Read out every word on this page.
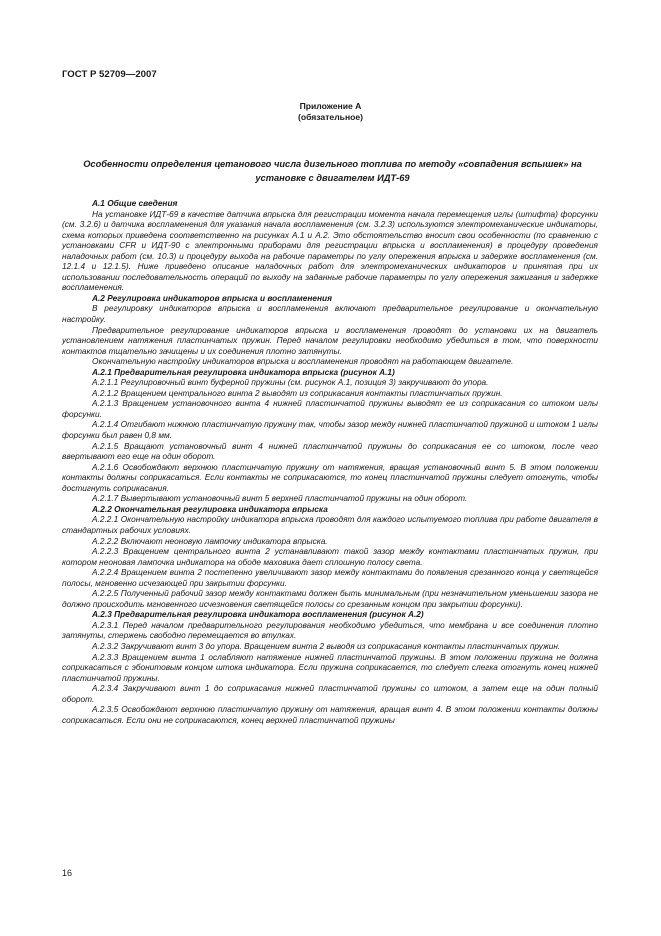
ГОСТ Р 52709—2007

Приложение А
(обязательное)

Особенности определения цетанового числа дизельного топлива по методу «совпадения вспышек» на установке с двигателем ИДТ-69

А.1 Общие сведения

На установке ИДТ-69 в качестве датчика впрыска для регистрации момента начала перемещения иглы (штифта) форсунки (см. 3.2.6) и датчика воспламенения для указания начала воспламенения (см. 3.2.3) используются электромеханические индикаторы, схема которых приведена соответственно на рисунках А.1 и А.2. Это обстоятельство вносит свои особенности (по сравнению с установками CFR и ИДТ-90 с электронными приборами для регистрации впрыска и воспламенения) в процедуру проведения наладочных работ (см. 10.3) и процедуру выхода на рабочие параметры по углу опережения впрыска и задержке воспламенения (см. 12.1.4 и 12.1.5). Ниже приведено описание наладочных работ для электромеханических индикаторов и принятая при их использовании последовательность операций по выходу на заданные рабочие параметры по углу опережения зажигания и задержке воспламенения.

А.2 Регулировка индикаторов впрыска и воспламенения

В регулировку индикаторов впрыска и воспламенения включают предварительное регулирование и окончательную настройку.

Предварительное регулирование индикаторов впрыска и воспламенения проводят до установки их на двигатель установлением натяжения пластинчатых пружин. Перед началом регулировки необходимо убедиться в том, что поверхности контактов тщательно зачищены и их соединения плотно затянуты.

Окончательную настройку индикаторов впрыска и воспламенения проводят на работающем двигателе.

А.2.1 Предварительная регулировка индикатора впрыска (рисунок А.1)

А.2.1.1 Регулировочный винт буферной пружины (см. рисунок А.1, позиция 3) закручивают до упора.

А.2.1.2 Вращением центрального винта 2 выводят из соприкасания контакты пластинчатых пружин.

А.2.1.3 Вращением установочного винта 4 нижней пластинчатой пружины выводят ее из соприкасания со штоком иглы форсунки.

А.2.1.4 Отгибают нижнюю пластинчатую пружину так, чтобы зазор между нижней пластинчатой пружиной и штоком 1 иглы форсунки был равен 0,8 мм.

А.2.1.5 Вращают установочный винт 4 нижней пластинчатой пружины до соприкасания ее со штоком, после чего ввертывают его еще на один оборот.

А.2.1.6 Освобождают верхнюю пластинчатую пружину от натяжения, вращая установочный винт 5. В этом положении контакты должны соприкасаться. Если контакты не соприкасаются, то конец пластинчатой пружины следует отогнуть, чтобы достигнуть соприкасания.

А.2.1.7 Вывертывают установочный винт 5 верхней пластинчатой пружины на один оборот.

А.2.2 Окончательная регулировка индикатора впрыска

А.2.2.1 Окончательную настройку индикатора впрыска проводят для каждого испытуемого топлива при работе двигателя в стандартных рабочих условиях.

А.2.2.2 Включают неоновую лампочку индикатора впрыска.

А.2.2.3 Вращением центрального винта 2 устанавливают такой зазор между контактами пластинчатых пружин, при котором неоновая лампочка индикатора на ободе маховика дает сплошную полосу света.

А.2.2.4 Вращением винта 2 постепенно увеличивают зазор между контактами до появления срезанного конца у светящейся полосы, мгновенно исчезающей при закрытии форсунки.

А.2.2.5 Полученный рабочий зазор между контактами должен быть минимальным (при незначительном уменьшении зазора не должно происходить мгновенного исчезновения светящейся полосы со срезанным концом при закрытии форсунки).

А.2.3 Предварительная регулировка индикатора воспламенения (рисунок А.2)

А.2.3.1 Перед началом предварительного регулирования необходимо убедиться, что мембрана и все соединения плотно затянуты, стержень свободно перемещается во втулках.

А.2.3.2 Закручивают винт 3 до упора. Вращением винта 2 выводя из соприкасания контакты пластинчатых пружин.

А.2.3.3 Вращением винта 1 ослабляют натяжение нижней пластинчатой пружины. В этом положении пружина не должна соприкасаться с эбонитовым концом штока индикатора. Если пружина соприкасается, то следует слегка отогнуть конец нижней пластинчатой пружины.

А.2.3.4 Закручивают винт 1 до соприкасания нижней пластинчатой пружины со штоком, а затем еще на один полный оборот.

А.2.3.5 Освобождают верхнюю пластинчатую пружину от натяжения, вращая винт 4. В этом положении контакты должны соприкасаться. Если они не соприкасаются, конец верхней пластинчатой пружины

16
